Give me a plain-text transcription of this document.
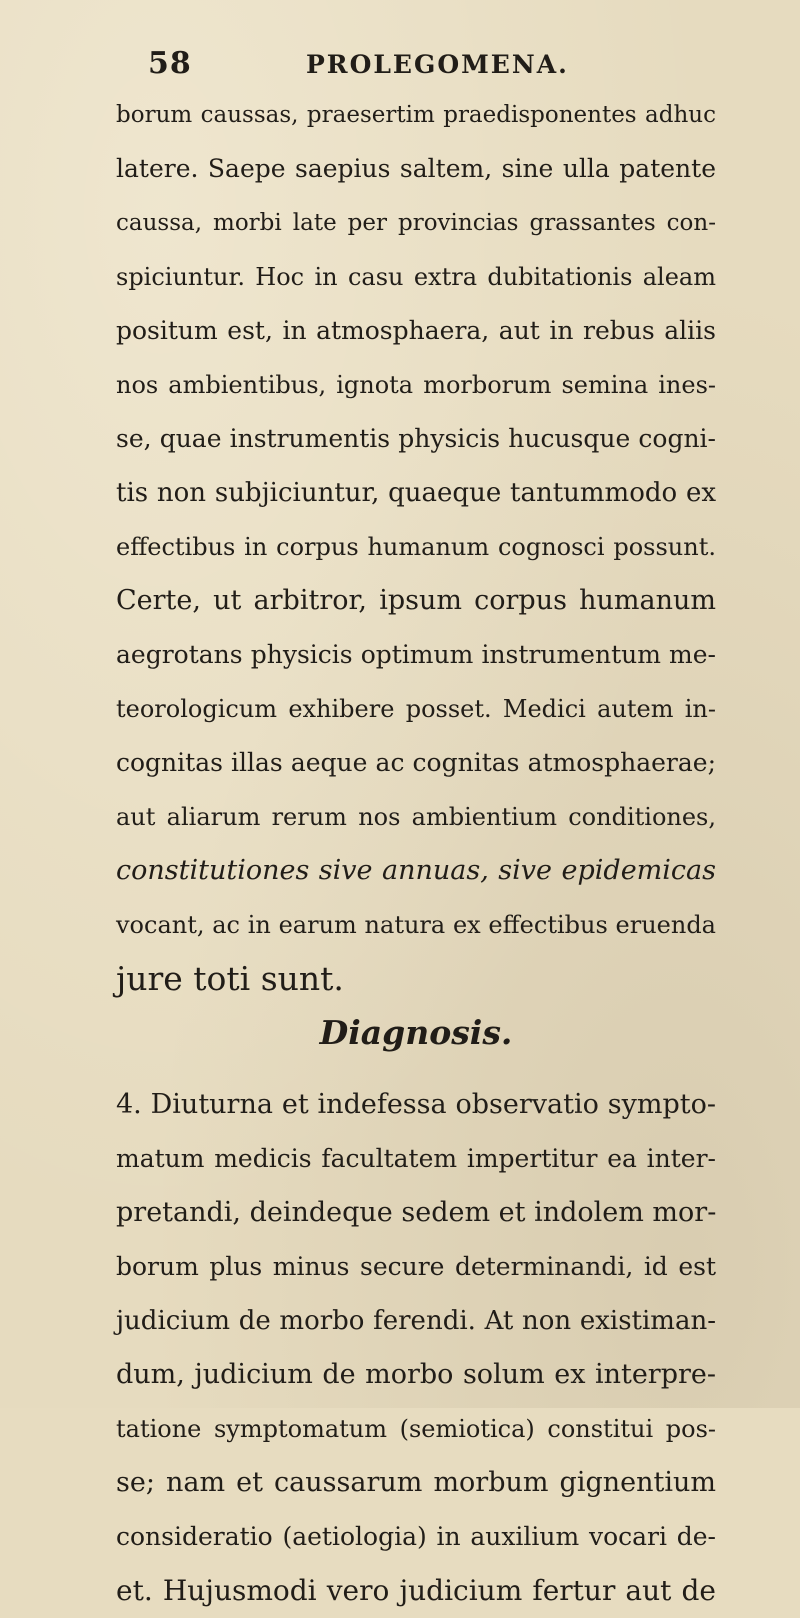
58	PROLEGOMENA.
borum caussas, praesertim praedisponentes adhuc
latere. Saepe saepius saltem, sine ulla patente
caussa, morbi late per provincias grassantes con-
spiciuntur. Hoc in casu extra dubitationis aleam
positum est, in atmosphaera, aut in rebus aliis
nos ambientibus, ignota morborum semina ines-
se, quae instrumentis physicis hucusque cogni-
tis non subjiciuntur, quaeque tantummodo ex
effectibus in corpus humanum cognosci possunt.
Certe, ut arbitror, ipsum corpus humanum
aegrotans physicis optimum instrumentum me-
teorologicum exhibere posset. Medici autem in-
cognitas illas aeque ac cognitas atmosphaerae;
aut aliarum rerum nos ambientium conditiones,
constitutiones sive annuas, sive epidemicas
vocant, ac in earum natura ex effectibus eruenda
jure toti sunt.
Diagnosis.
4. Diuturna et indefessa observatio symptо-
matum medicis facultatem impertitur ea inter-
pretandi, deindeque sedem et indolem mor-
borum plus minus secure determinandi, id est
judicium de morbo ferendi. At non existiman-
dum, judicium de morbo solum ex interpre-
tatione symptomatum (semiotica) constitui pos-
se; nam et caussarum morbum gignentium
consideratio (aetiologia) in auxilium vocari de-
et. Hujusmodi vero judicium fertur aut de
